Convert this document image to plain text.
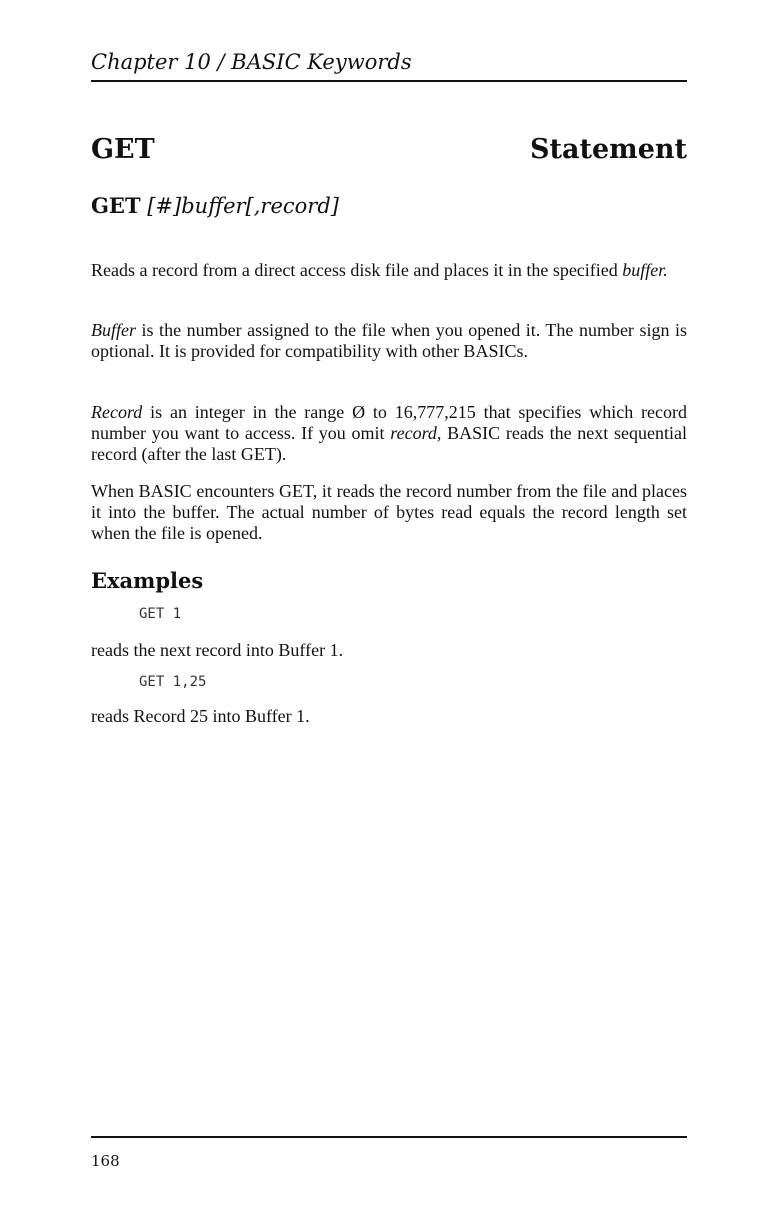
Chapter 10 / BASIC Keywords
GET	Statement
GET [#]buffer[,record]

Reads a record from a direct access disk file and places it in the specified buffer.

Buffer is the number assigned to the file when you opened it. The number sign is optional. It is provided for compatibility with other BASICs.

Record is an integer in the range Ø to 16,777,215 that specifies which record number you want to access. If you omit record, BASIC reads the next sequential record (after the last GET).

When BASIC encounters GET, it reads the record number from the file and places it into the buffer. The actual number of bytes read equals the record length set when the file is opened.

Examples
GET 1
reads the next record into Buffer 1.
GET 1,25
reads Record 25 into Buffer 1.
168
